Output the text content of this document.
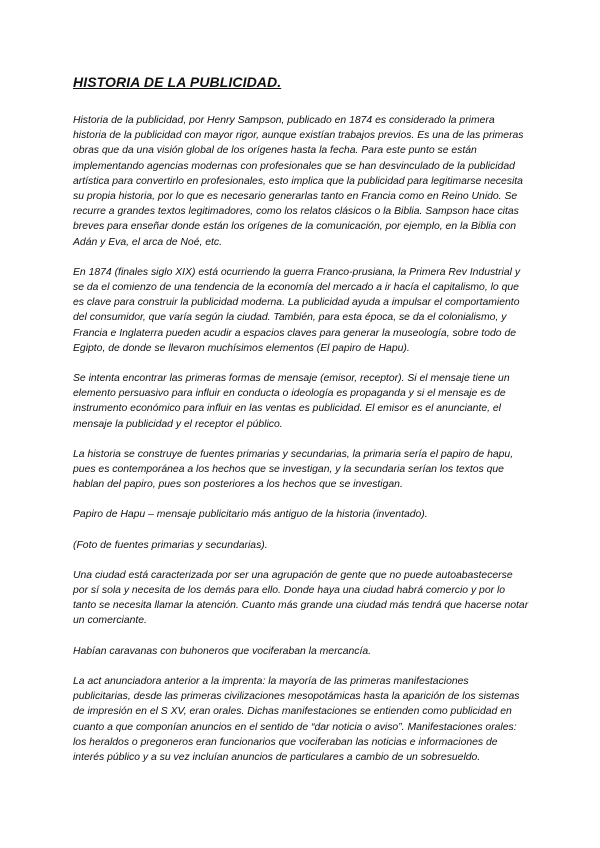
HISTORIA DE LA PUBLICIDAD.

Historia de la publicidad, por Henry Sampson, publicado en 1874 es considerado la primera historia de la publicidad con mayor rigor, aunque existían trabajos previos. Es una de las primeras obras que da una visión global de los orígenes hasta la fecha. Para este punto se están implementando agencias modernas con profesionales que se han desvinculado de la publicidad artística para convertirlo en profesionales, esto implica que la publicidad para legitimarse necesita su propia historia, por lo que es necesario generarlas tanto en Francia como en Reino Unido. Se recurre a grandes textos legitimadores, como los relatos clásicos o la Biblia. Sampson hace citas breves para enseñar donde están los orígenes de la comunicación, por ejemplo, en la Biblia con Adán y Eva, el arca de Noé, etc.

En 1874 (finales siglo XIX) está ocurriendo la guerra Franco-prusiana, la Primera Rev Industrial y se da el comienzo de una tendencia de la economía del mercado a ir hacía el capitalismo, lo que es clave para construir la publicidad moderna. La publicidad ayuda a impulsar el comportamiento del consumidor, que varía según la ciudad. También, para esta época, se da el colonialismo, y Francia e Inglaterra pueden acudir a espacios claves para generar la museología, sobre todo de Egipto, de donde se llevaron muchísimos elementos (El papiro de Hapu).

Se intenta encontrar las primeras formas de mensaje (emisor, receptor). Si el mensaje tiene un elemento persuasivo para influir en conducta o ideología es propaganda y si el mensaje es de instrumento económico para influir en las ventas es publicidad. El emisor es el anunciante, el mensaje la publicidad y el receptor el público.

La historia se construye de fuentes primarias y secundarias, la primaria sería el papiro de hapu, pues es contemporánea a los hechos que se investigan, y la secundaria serían los textos que hablan del papiro, pues son posteriores a los hechos que se investigan.

Papiro de Hapu – mensaje publicitario más antiguo de la historia (inventado).

(Foto de fuentes primarias y secundarias).

Una ciudad está caracterizada por ser una agrupación de gente que no puede autoabastecerse por sí sola y necesita de los demás para ello. Donde haya una ciudad habrá comercio y por lo tanto se necesita llamar la atención. Cuanto más grande una ciudad más tendrá que hacerse notar un comerciante.

Habían caravanas con buhoneros que vociferaban la mercancía.

La act anunciadora anterior a la imprenta: la mayoría de las primeras manifestaciones publicitarias, desde las primeras civilizaciones mesopotámicas hasta la aparición de los sistemas de impresión en el S XV, eran orales. Dichas manifestaciones se entienden como publicidad en cuanto a que componían anuncios en el sentido de “dar noticia o aviso”. Manifestaciones orales: los heraldos o pregoneros eran funcionarios que vociferaban las noticias e informaciones de interés público y a su vez incluían anuncios de particulares a cambio de un sobresueldo.
